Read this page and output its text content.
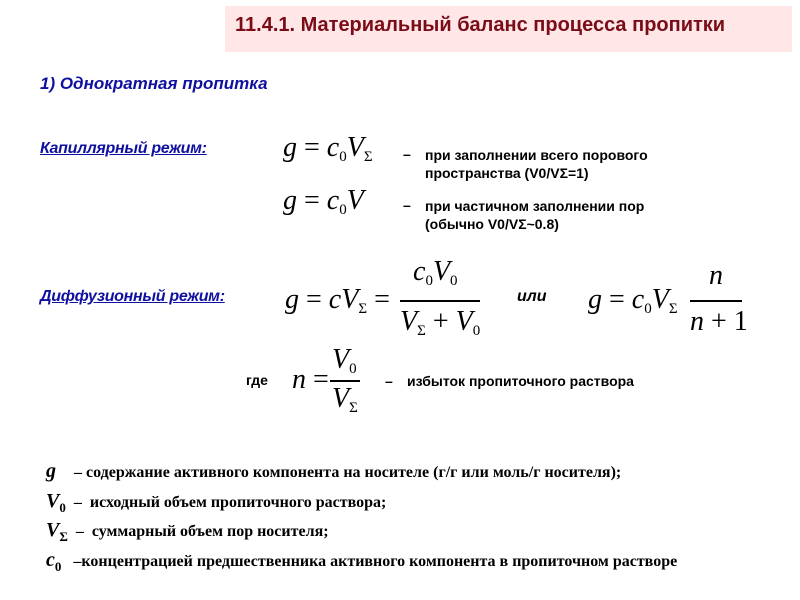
11.4.1. Материальный баланс процесса пропитки
1) Однократная пропитка
Капиллярный режим:	$g = c_0V_\Sigma$ – при заполнении всего порового
пространства (V0/VΣ=1)
$g = c_0V$	– при частичном заполнении пор
(обычно V0/VΣ~0.8)
Диффузионный режим: $g = cV_\Sigma$ =
$c_0V_0$
$V_\Sigma + V_0$
или $g = c_0V_\Sigma$
n
n + 1
где n =
$V_0$
$V_\Sigma$
– избыток пропиточного раствора
g – содержание активного компонента на носителе (г/г или моль/г носителя);
$V_0$  –  исходный объем пропиточного раствора;
$V_\Sigma$  –  суммарный объем пор носителя;
$c_0$   –концентрацией предшественника активного компонента в пропиточном растворе
